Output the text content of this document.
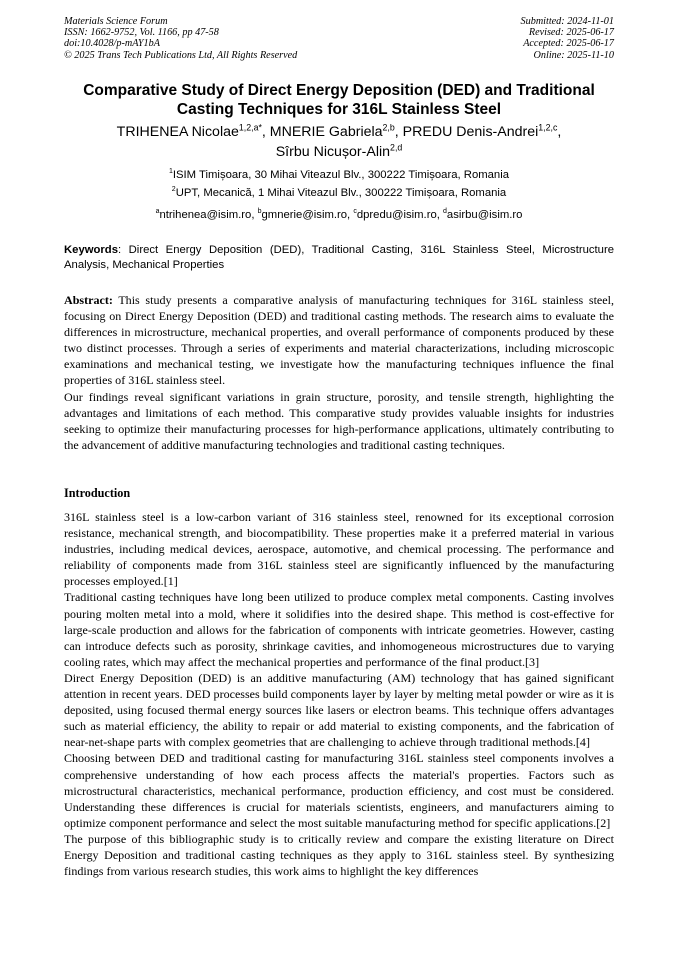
Materials Science Forum
ISSN: 1662-9752, Vol. 1166, pp 47-58
doi:10.4028/p-mAY1bA
© 2025 Trans Tech Publications Ltd, All Rights Reserved
Submitted: 2024-11-01
Revised: 2025-06-17
Accepted: 2025-06-17
Online: 2025-11-10
Comparative Study of Direct Energy Deposition (DED) and Traditional Casting Techniques for 316L Stainless Steel
TRIHENEA Nicolae$^{1,2,a*}$, MNERIE Gabriela$^{2,b}$, PREDU Denis-Andrei$^{1,2,c}$,
Sîrbu Nicușor-Alin$^{2,d}$
$^1$ISIM Timișoara, 30 Mihai Viteazul Blv., 300222 Timișoara, Romania
$^2$UPT, Mecanică, 1 Mihai Viteazul Blv., 300222 Timișoara, Romania
$^a$ntrihenea@isim.ro, $^b$gmnerie@isim.ro, $^c$dpredu@isim.ro, $^d$asirbu@isim.ro
Keywords: Direct Energy Deposition (DED), Traditional Casting, 316L Stainless Steel, Microstructure Analysis, Mechanical Properties

Abstract: This study presents a comparative analysis of manufacturing techniques for 316L stainless steel, focusing on Direct Energy Deposition (DED) and traditional casting methods. The research aims to evaluate the differences in microstructure, mechanical properties, and overall performance of components produced by these two distinct processes. Through a series of experiments and material characterizations, including microscopic examinations and mechanical testing, we investigate how the manufacturing techniques influence the final properties of 316L stainless steel.

Our findings reveal significant variations in grain structure, porosity, and tensile strength, highlighting the advantages and limitations of each method. This comparative study provides valuable insights for industries seeking to optimize their manufacturing processes for high-performance applications, ultimately contributing to the advancement of additive manufacturing technologies and traditional casting techniques.

Introduction

316L stainless steel is a low-carbon variant of 316 stainless steel, renowned for its exceptional corrosion resistance, mechanical strength, and biocompatibility. These properties make it a preferred material in various industries, including medical devices, aerospace, automotive, and chemical processing. The performance and reliability of components made from 316L stainless steel are significantly influenced by the manufacturing processes employed.[1]

Traditional casting techniques have long been utilized to produce complex metal components. Casting involves pouring molten metal into a mold, where it solidifies into the desired shape. This method is cost-effective for large-scale production and allows for the fabrication of components with intricate geometries. However, casting can introduce defects such as porosity, shrinkage cavities, and inhomogeneous microstructures due to varying cooling rates, which may affect the mechanical properties and performance of the final product.[3]

Direct Energy Deposition (DED) is an additive manufacturing (AM) technology that has gained significant attention in recent years. DED processes build components layer by layer by melting metal powder or wire as it is deposited, using focused thermal energy sources like lasers or electron beams. This technique offers advantages such as material efficiency, the ability to repair or add material to existing components, and the fabrication of near-net-shape parts with complex geometries that are challenging to achieve through traditional methods.[4]

Choosing between DED and traditional casting for manufacturing 316L stainless steel components involves a comprehensive understanding of how each process affects the material's properties. Factors such as microstructural characteristics, mechanical performance, production efficiency, and cost must be considered. Understanding these differences is crucial for materials scientists, engineers, and manufacturers aiming to optimize component performance and select the most suitable manufacturing method for specific applications.[2]

The purpose of this bibliographic study is to critically review and compare the existing literature on Direct Energy Deposition and traditional casting techniques as they apply to 316L stainless steel. By synthesizing findings from various research studies, this work aims to highlight the key differences
